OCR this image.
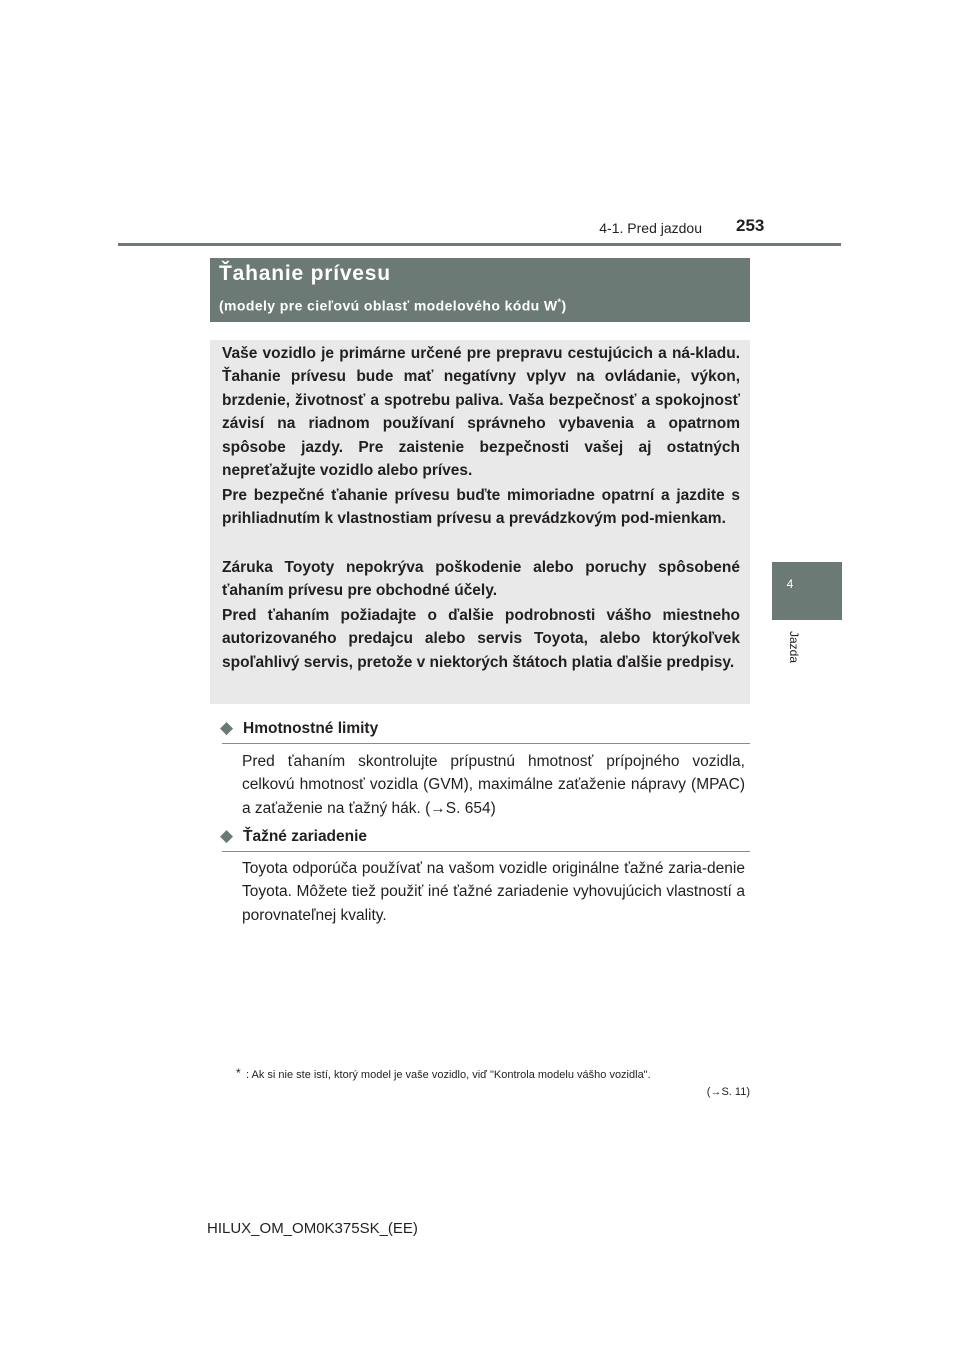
4-1. Pred jazdou 253
4
Jazda
Ťahanie prívesu
(modely pre cieľovú oblasť modelového kódu W*)
Vaše vozidlo je primárne určené pre prepravu cestujúcich a ná-kladu. Ťahanie prívesu bude mať negatívny vplyv na ovládanie, výkon, brzdenie, životnosť a spotrebu paliva. Vaša bezpečnosť a spokojnosť závisí na riadnom používaní správneho vybavenia a opatrnom spôsobe jazdy. Pre zaistenie bezpečnosti vašej aj ostatných nepreťažujte vozidlo alebo príves.
Pre bezpečné ťahanie prívesu buďte mimoriadne opatrní a jazdite s prihliadnutím k vlastnostiam prívesu a prevádzkovým pod-mienkam.
Záruka Toyoty nepokrýva poškodenie alebo poruchy spôsobené ťahaním prívesu pre obchodné účely.
Pred ťahaním požiadajte o ďalšie podrobnosti vášho miestneho autorizovaného predajcu alebo servis Toyota, alebo ktorýkoľvek spoľahlivý servis, pretože v niektorých štátoch platia ďalšie predpisy.
◆ Hmotnostné limity
Pred ťahaním skontrolujte prípustnú hmotnosť prípojného vozidla, celkovú hmotnosť vozidla (GVM), maximálne zaťaženie nápravy (MPAC) a zaťaženie na ťažný hák. (→S. 654)
◆ Ťažné zariadenie
Toyota odporúča používať na vašom vozidle originálne ťažné zaria-denie Toyota. Môžete tiež použiť iné ťažné zariadenie vyhovujúcich vlastností a porovnateľnej kvality.
* : Ak si nie ste istí, ktorý model je vaše vozidlo, viď "Kontrola modelu vášho vozidla".
(→S. 11)
HILUX_OM_OM0K375SK_(EE)
